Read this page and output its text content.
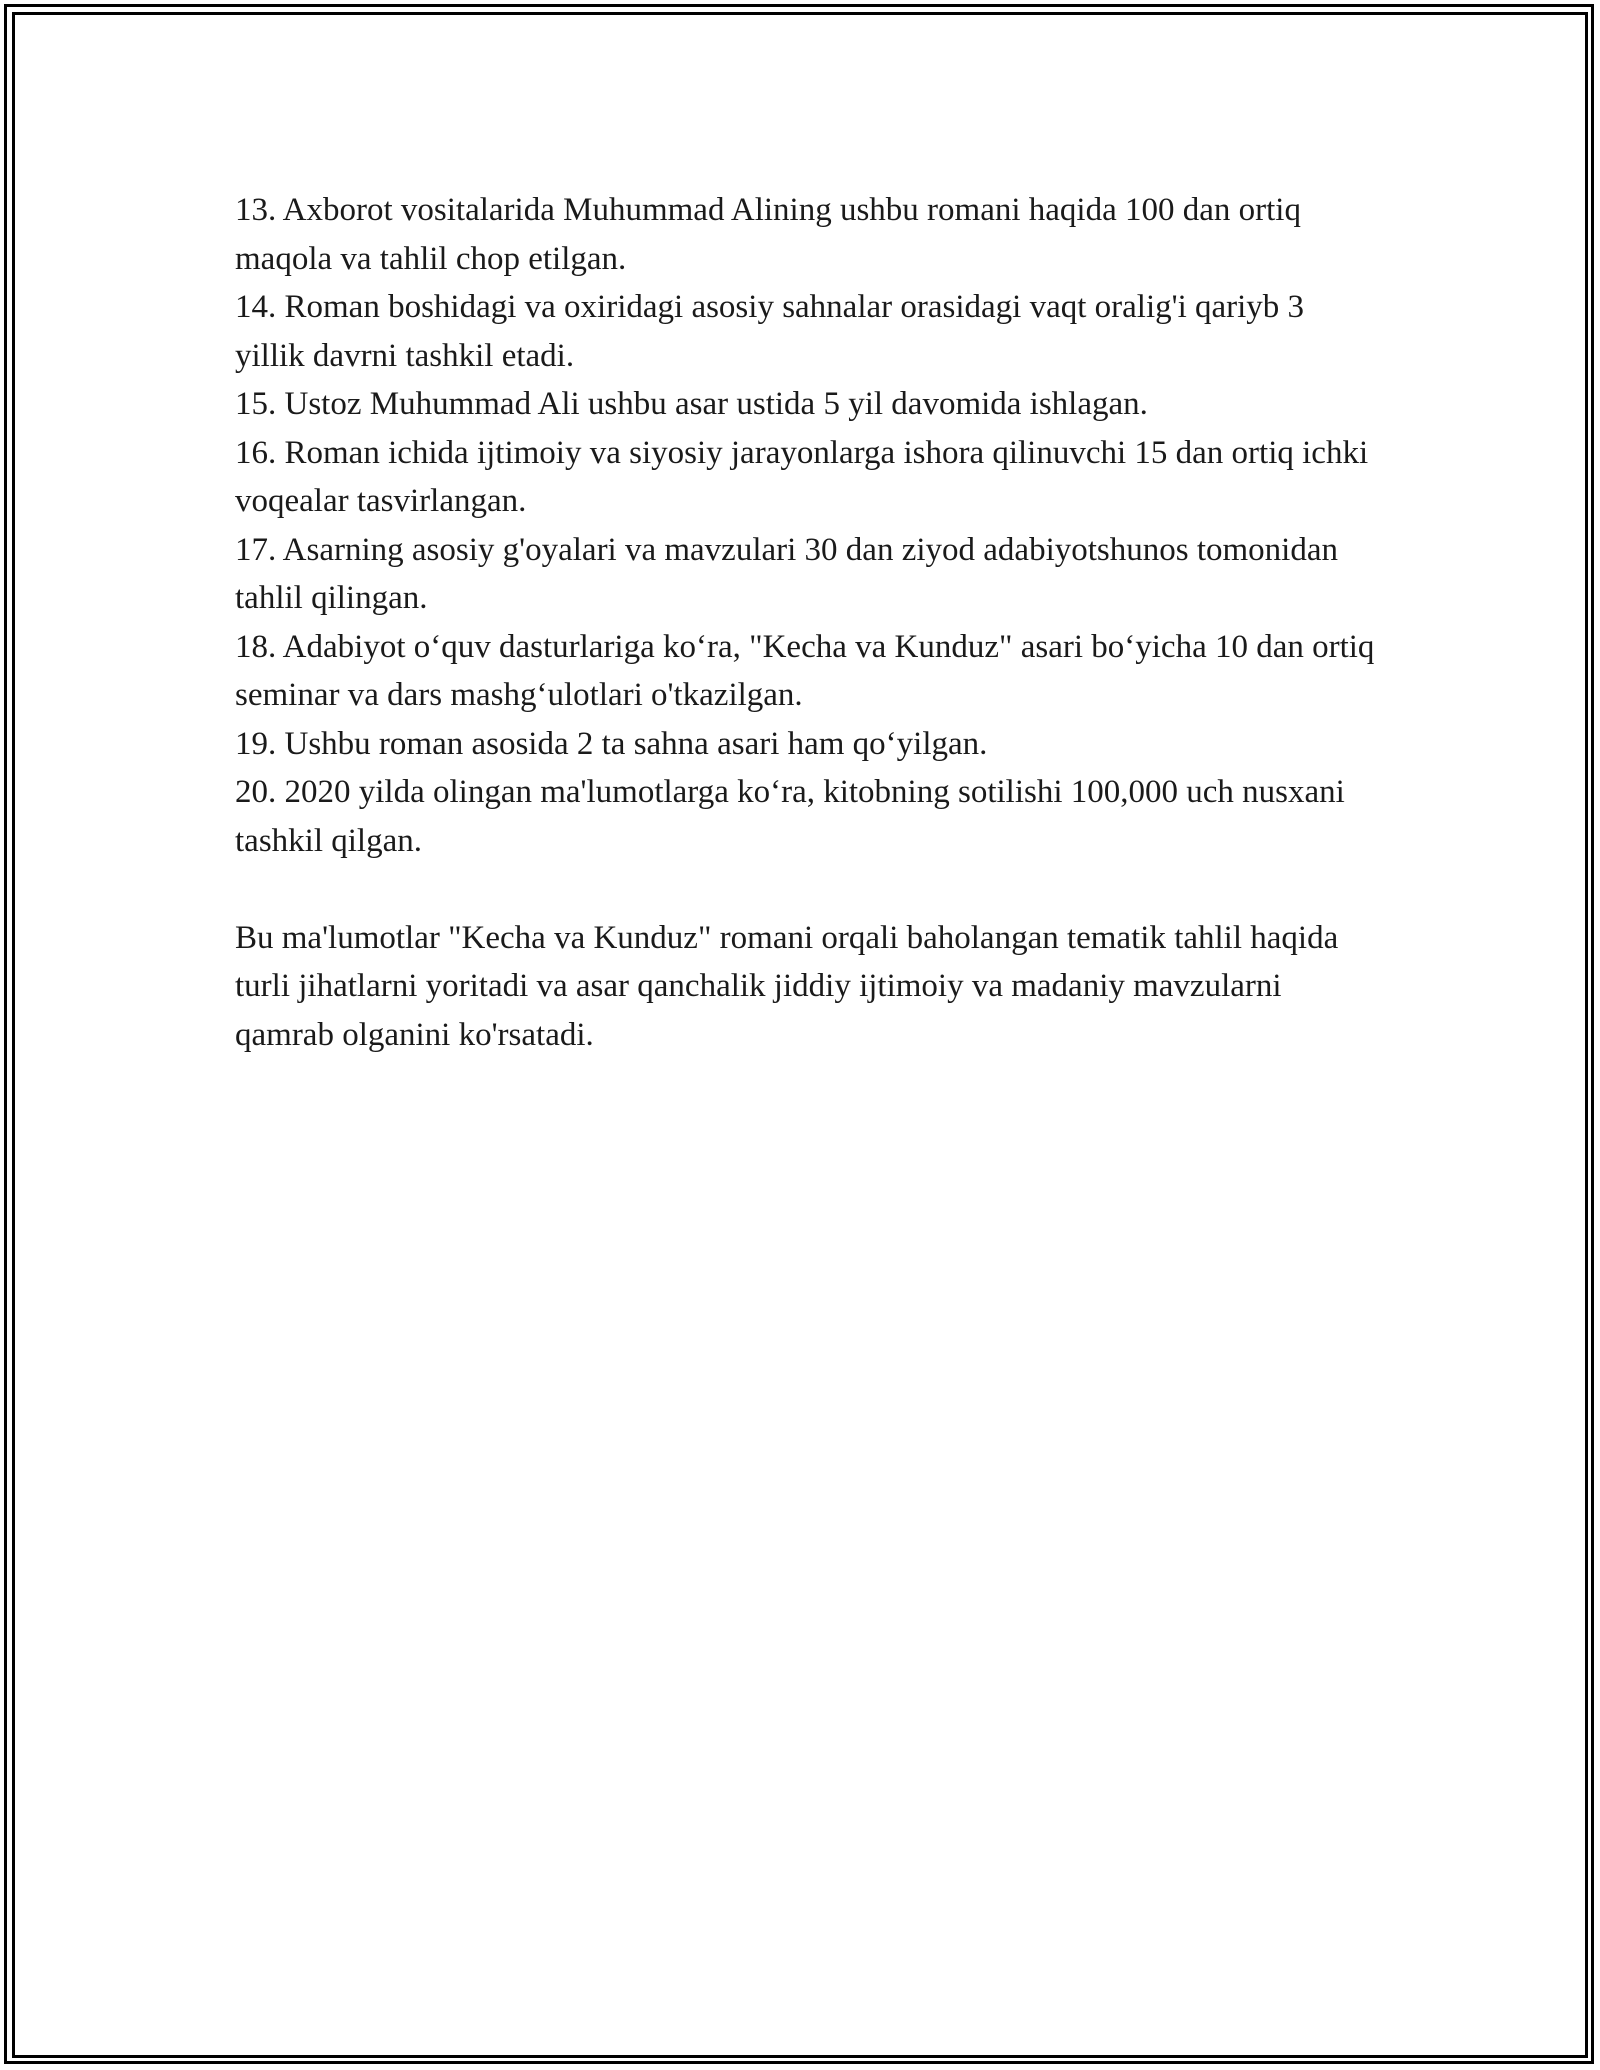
13. Axborot vositalarida Muhummad Alining ushbu romani haqida 100 dan ortiq maqola va tahlil chop etilgan.

14. Roman boshidagi va oxiridagi asosiy sahnalar orasidagi vaqt oralig'i qariyb 3 yillik davrni tashkil etadi.

15. Ustoz Muhummad Ali ushbu asar ustida 5 yil davomida ishlagan.

16. Roman ichida ijtimoiy va siyosiy jarayonlarga ishora qilinuvchi 15 dan ortiq ichki voqealar tasvirlangan.

17. Asarning asosiy g'oyalari va mavzulari 30 dan ziyod adabiyotshunos tomonidan tahlil qilingan.

18. Adabiyot oʻquv dasturlariga koʻra, "Kecha va Kunduz" asari boʻyicha 10 dan ortiq seminar va dars mashgʻulotlari o'tkazilgan.

19. Ushbu roman asosida 2 ta sahna asari ham qoʻyilgan.

20. 2020 yilda olingan ma'lumotlarga koʻra, kitobning sotilishi 100,000 uch nusxani tashkil qilgan.

Bu ma'lumotlar "Kecha va Kunduz" romani orqali baholangan tematik tahlil haqida turli jihatlarni yoritadi va asar qanchalik jiddiy ijtimoiy va madaniy mavzularni qamrab olganini ko'rsatadi.
